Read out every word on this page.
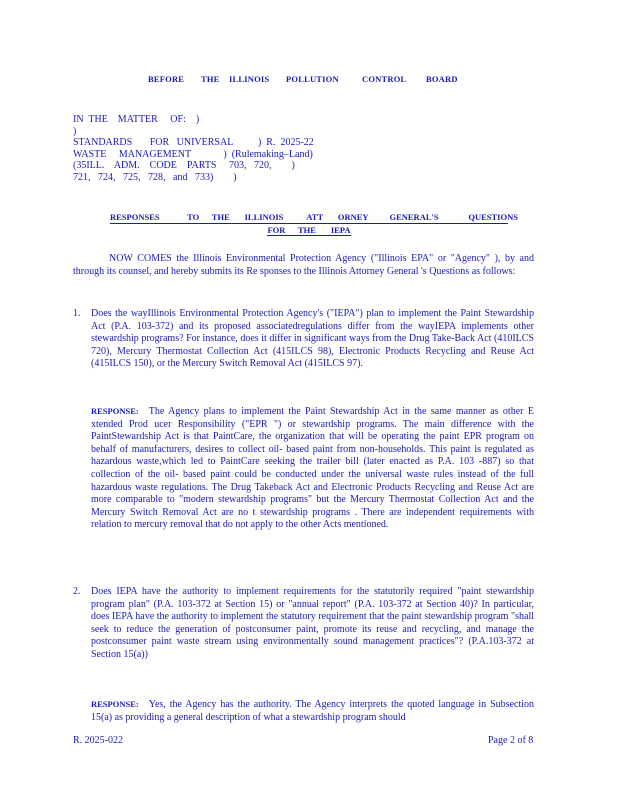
BEFORE THE ILLINOIS POLLUTION	CONTROL BOARD
IN  THE    MATTER     OF:    )
)
STANDARDS       FOR   UNIVERSAL          )  R.  2025-22
WASTE     MANAGEMENT             )  (Rulemaking–Land)
(35ILL.    ADM.    CODE    PARTS     703,   720,        )
721,   724,   725,   728,   and   733)        )
RESPONSES             TO      THE       ILLINOIS           ATT       ORNEY          GENERAL'S              QUESTIONS
FOR      THE       IEPA
NOW COMES the Illinois Environmental Protection Agency ("Illinois EPA" or "Agency" ), by and through its counsel, and hereby submits its Re sponses to the Illinois Attorney General 's Questions as follows:
1. Does the wayIllinois Environmental Protection Agency's ("IEPA") plan to implement the Paint Stewardship Act (P.A. 103-372) and its proposed associatedregulations differ from the wayIEPA implements other stewardship programs? For instance, does it differ in significant ways from the Drug Take-Back Act (410ILCS 720), Mercury Thermostat Collection Act (415ILCS 98), Electronic Products Recycling and Reuse Act (415ILCS 150), or the Mercury Switch Removal Act (415ILCS 97).
RESPONSE: The Agency plans to implement the Paint Stewardship Act in the same manner as other E xtended Prod ucer Responsibility ("EPR ") or stewardship programs. The main difference with the PaintStewardship Act is that PaintCare, the organization that will be operating the paint EPR program on behalf of manufacturers, desires to collect oil- based paint from non-households. This paint is regulated as hazardous waste,which led to PaintCare seeking the trailer bill (later enacted as P.A. 103 -887) so that collection of the oil- based paint could be conducted under the universal waste rules instead of the full hazardous waste regulations. The Drug Takeback Act and Electronic Products Recycling and Reuse Act are more comparable to "modern stewardship programs" but the Mercury Thermostat Collection Act and the Mercury Switch Removal Act are no t stewardship programs . There are independent requirements with relation to mercury removal that do not apply to the other Acts mentioned.
2. Does IEPA have the authority to implement requirements for the statutorily required "paint stewardship program plan" (P.A. 103-372 at Section 15) or "annual report" (P.A. 103-372 at Section 40)? In particular, does IEPA have the authority to implement the statutory requirement that the paint stewardship program "shall seek to reduce the generation of postconsumer paint, promote its reuse and recycling, and manage the postconsumer paint waste stream using environmentally sound management practices"? (P.A.103-372 at Section 15(a))
RESPONSE: Yes, the Agency has the authority. The Agency interprets the quoted language in Subsection 15(a) as providing a general description of what a stewardship program should
R. 2025-022	Page 2 of 8
